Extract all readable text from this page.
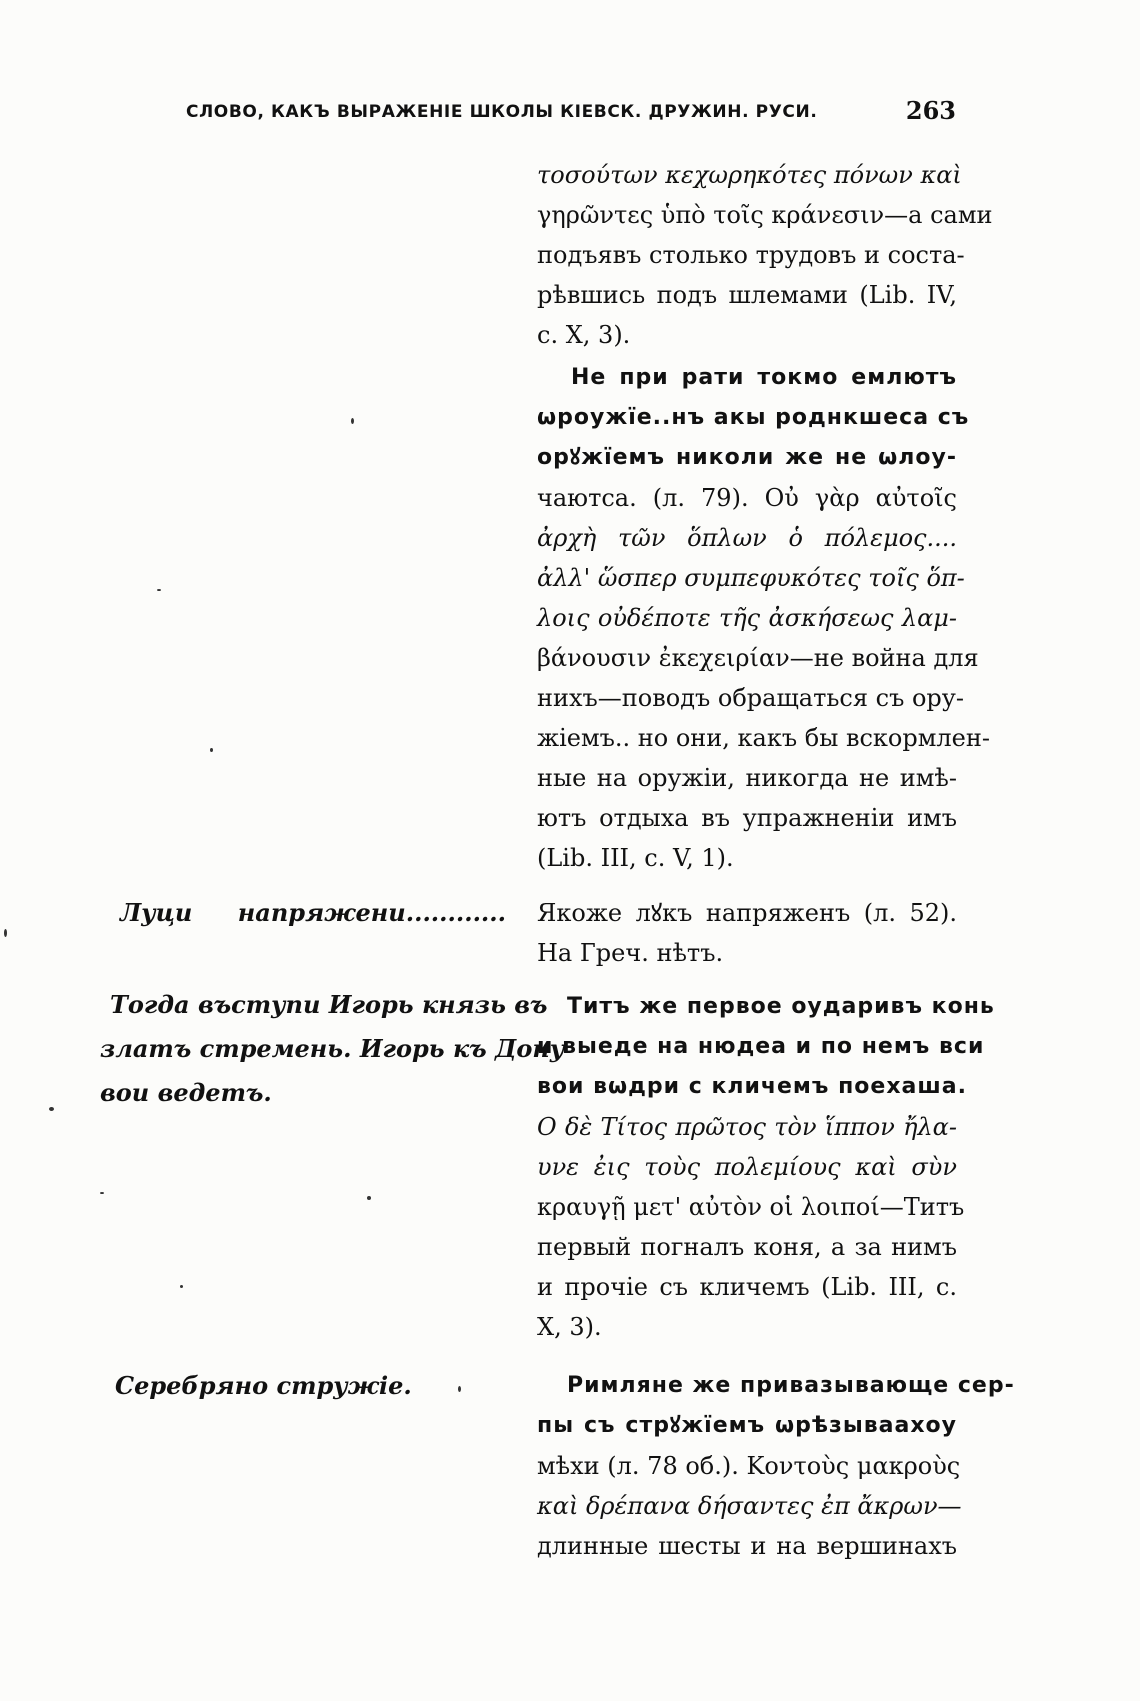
СЛОВО, КАКЪ ВЫРАЖЕНІЕ ШКОЛЫ КІЕВСК. ДРУЖИН. РУСИ.	263
τοσούτων κεχωρηκότες πόνων καὶ
γηρῶντες ὑπὸ τοῖς κράνεσιν—а сами
подъявъ столько трудовъ и соста-
рѣвшись подъ шлемами (Lib. IV,
с. X, 3).
Не при рати токмо емлютъ
ωроужїе..нъ акы роднкшеса съ
орꙋжїемъ николи же не ωлоу-
чаютса. (л. 79). Οὐ γὰρ αὐτοῖς
ἀρχὴ τῶν ὅπλων ὁ πόλεμος....
ἀλλ' ὥσπερ συμπεφυκότες τοῖς ὅπ-
λοις οὐδέποτε τῆς ἀσκήσεως λαμ-
βάνουσιν ἐκεχειρίαν—не война для
нихъ—поводъ обращаться съ ору-
жіемъ.. но они, какъ бы вскормлен-
ные на оружіи, никогда не имѣ-
ютъ отдыха въ упражненіи имъ
(Lib. III, с. V, 1).
Якоже лꙋкъ напряженъ (л. 52).
На Греч. нѣтъ.
Титъ же первое оударивъ конь
и выеде на нюдеа и по немъ вси
вои вωдри с кличемъ поехаша.
Ο δὲ Τίτος πρῶτος τὸν ἵππον ἤλα-
υνε ἐις τοὺς πολεμίους καὶ σὺν
κραυγῇ μετ' αὐτὸν οἱ λοιποί—Титъ
первый погналъ коня, а за нимъ
и прочіе съ кличемъ (Lib. III, с.
X, 3).
Римляне же привазывающе сер-
пы съ стрꙋжїемъ ωрѣзываахоу
мѣхи (л. 78 об.). Κοντοὺς μακροὺς
καὶ δρέπανα δήσαντες ἐπ ἄκρων—
длинные шесты и на вершинахъ
Луци напряжени............
Тогда въступи Игорь князь въ
златъ стремень. Игорь къ Дону
вои ведетъ.
Серебряно стружіе.
